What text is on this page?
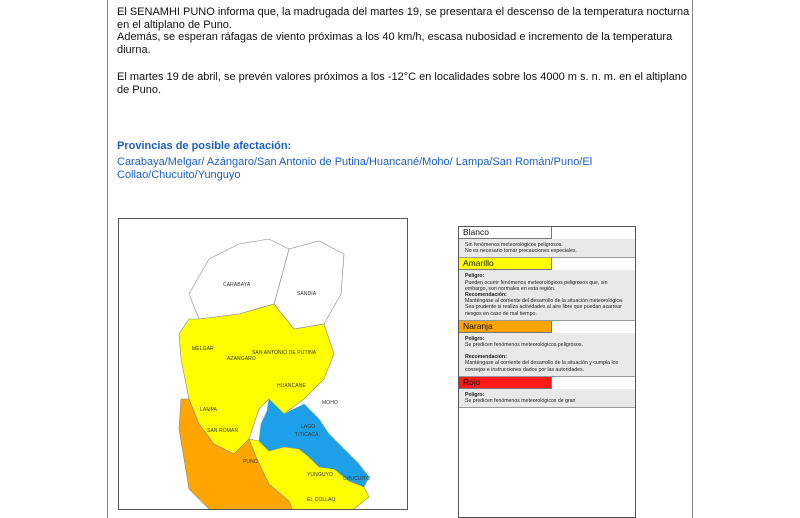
El SENAMHI PUNO informa que, la madrugada del martes 19, se presentara el descenso de la temperatura nocturna en el altiplano de Puno.

Además, se esperan ráfagas de viento próximas a los 40 km/h, escasa nubosidad e incremento de la temperatura diurna.

El martes 19 de abril, se prevén valores próximos a los -12°C en localidades sobre los 4000 m s. n. m. en el altiplano de Puno.

Provincias de posible afectación:
Carabaya/Melgar/ Azángaro/San Antonio de Putina/Huancané/Moho/ Lampa/San Román/Puno/El Collao/Chucuito/Yunguyo
CARABAYA
SANDIA
MELGAR
AZANGARO
SAN ANTONIO DE PUTINA
HUANCANE
MOHO
LAMPA
LAGO
TITICACA
SAN ROMAN
PUNO
YUNGUYO
CHUCUITO
EL COLLAO
Blanco
Sin fenómenos meteorológicos peligrosos.
No es necesario tomar precauciones especiales.
Amarillo
Peligro:
Pueden ocurrir fenómenos meteorológicos peligrosos que, sin embargo, son normales en esta región.
Recomendación:
Manténgase al corriente del desarrollo de la situación meteorológica. Sea prudente si realiza actividades al aire libre que puedan acarrear riesgos en caso de mal tiempo.
Naranja
Peligro:
Se predicen fenómenos meteorológicos peligrosos.
Recomendación:
Manténgase al corriente del desarrollo de la situación y cumpla los consejos e instrucciones dados por las autoridades.
Rojo
Peligro:
Se predicen fenómenos meteorológicos de gran
